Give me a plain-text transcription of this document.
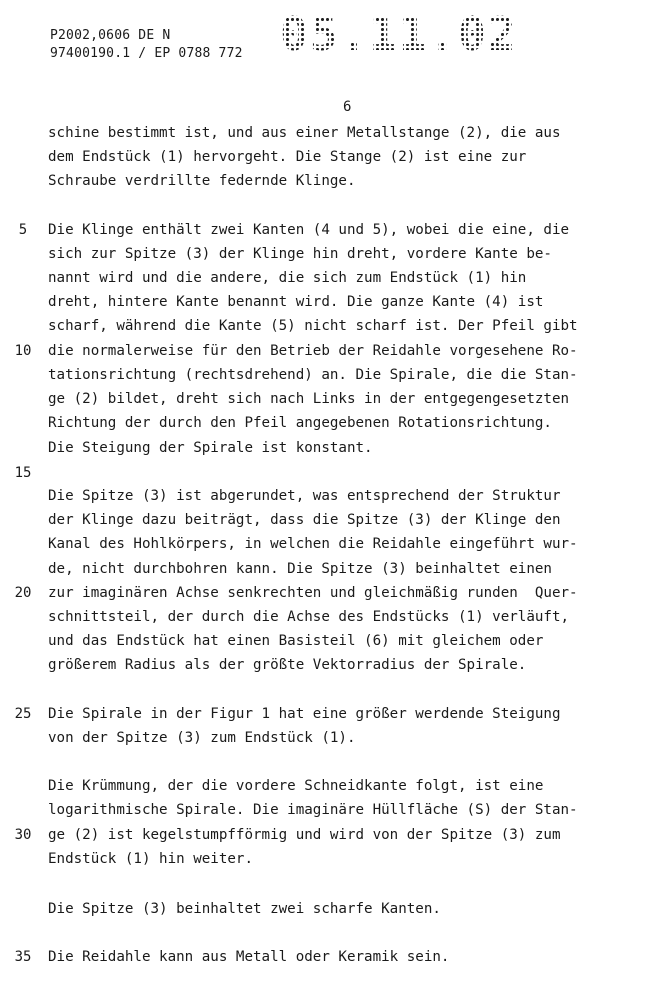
P2002,0606 DE N
97400190.1 / EP 0788 772 05.11.02
6
schine bestimmt ist, und aus einer Metallstange (2), die aus
dem Endstück (1) hervorgeht. Die Stange (2) ist eine zur
Schraube verdrillte federnde Klinge.
Die Klinge enthält zwei Kanten (4 und 5), wobei die eine, die
sich zur Spitze (3) der Klinge hin dreht, vordere Kante be-
nannt wird und die andere, die sich zum Endstück (1) hin
dreht, hintere Kante benannt wird. Die ganze Kante (4) ist
scharf, während die Kante (5) nicht scharf ist. Der Pfeil gibt
die normalerweise für den Betrieb der Reidahle vorgesehene Ro-
tationsrichtung (rechtsdrehend) an. Die Spirale, die die Stan-
ge (2) bildet, dreht sich nach Links in der entgegengesetzten
Richtung der durch den Pfeil angegebenen Rotationsrichtung.
Die Steigung der Spirale ist konstant.
Die Spitze (3) ist abgerundet, was entsprechend der Struktur
der Klinge dazu beiträgt, dass die Spitze (3) der Klinge den
Kanal des Hohlkörpers, in welchen die Reidahle eingeführt wur-
de, nicht durchbohren kann. Die Spitze (3) beinhaltet einen
zur imaginären Achse senkrechten und gleichmäßig runden  Quer-
schnittsteil, der durch die Achse des Endstücks (1) verläuft,
und das Endstück hat einen Basisteil (6) mit gleichem oder
größerem Radius als der größte Vektorradius der Spirale.
Die Spirale in der Figur 1 hat eine größer werdende Steigung
von der Spitze (3) zum Endstück (1).
Die Krümmung, der die vordere Schneidkante folgt, ist eine
logarithmische Spirale. Die imaginäre Hüllfläche (S) der Stan-
ge (2) ist kegelstumpfförmig und wird von der Spitze (3) zum
Endstück (1) hin weiter.
Die Spitze (3) beinhaltet zwei scharfe Kanten.
Die Reidahle kann aus Metall oder Keramik sein.
5
10
15
20
25
30
35
